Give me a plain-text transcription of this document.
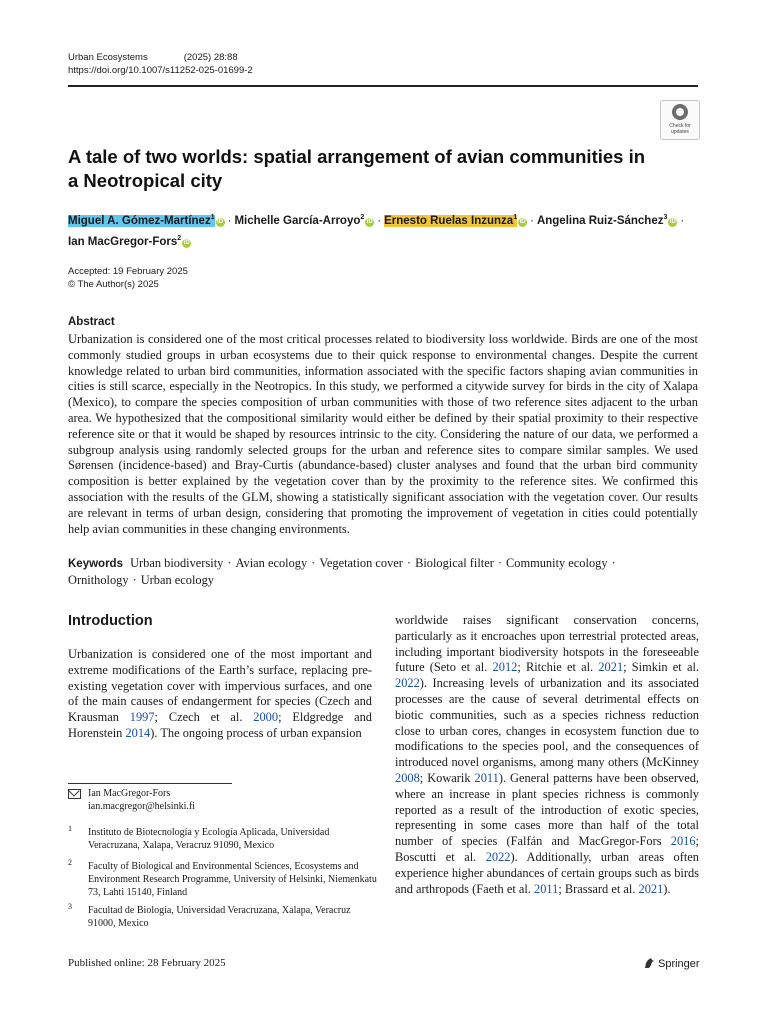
Urban Ecosystems	(2025) 28:88
https://doi.org/10.1007/s11252-025-01699-2
Check for
updates
A tale of two worlds: spatial arrangement of avian communities in a Neotropical city
Miguel A. Gómez-Martínez$^1$iD · Michelle García-Arroyo$^2$iD · Ernesto Ruelas Inzunza$^1$iD · Angelina Ruiz-Sánchez$^3$iD ·
Ian MacGregor-Fors$^2$iD
Accepted: 19 February 2025
© The Author(s) 2025
Abstract
Urbanization is considered one of the most critical processes related to biodiversity loss worldwide. Birds are one of the most commonly studied groups in urban ecosystems due to their quick response to environmental changes. Despite the current knowledge related to urban bird communities, information associated with the specific factors shaping avian communities in cities is still scarce, especially in the Neotropics. In this study, we performed a citywide survey for birds in the city of Xalapa (Mexico), to compare the species composition of urban communities with those of two reference sites adjacent to the urban area. We hypothesized that the compositional similarity would either be defined by their spatial proximity to their respective reference site or that it would be shaped by resources intrinsic to the city. Considering the nature of our data, we performed a subgroup analysis using randomly selected groups for the urban and reference sites to compare similar samples. We used Sørensen (incidence-based) and Bray-Curtis (abundance-based) cluster analyses and found that the urban bird community composition is better explained by the vegetation cover than by the proximity to the reference sites. We confirmed this association with the results of the GLM, showing a statistically significant association with the vegetation cover. Our results are relevant in terms of urban design, considering that promoting the improvement of vegetation in cities could potentially help avian communities in these changing environments.
Keywords Urban biodiversity · Avian ecology · Vegetation cover · Biological filter · Community ecology · Ornithology · Urban ecology
Introduction
Urbanization is considered one of the most important and extreme modifications of the Earth’s surface, replacing pre-existing vegetation cover with impervious surfaces, and one of the main causes of endangerment for species (Czech and Krausman 1997; Czech et al. 2000; Eldgredge and Horenstein 2014). The ongoing process of urban expansion
worldwide raises significant conservation concerns, particularly as it encroaches upon terrestrial protected areas, including important biodiversity hotspots in the foreseeable future (Seto et al. 2012; Ritchie et al. 2021; Simkin et al. 2022). Increasing levels of urbanization and its associated processes are the cause of several detrimental effects on biotic communities, such as a species richness reduction close to urban cores, changes in ecosystem function due to modifications to the species pool, and the consequences of introduced novel organisms, among many others (McKinney 2008; Kowarik 2011). General patterns have been observed, where an increase in plant species richness is commonly reported as a result of the introduction of exotic species, representing in some cases more than half of the total number of species (Falfán and MacGregor-Fors 2016; Boscutti et al. 2022). Additionally, urban areas often experience higher abundances of certain groups such as birds and arthropods (Faeth et al. 2011; Brassard et al. 2021).
Ian MacGregor-Fors
ian.macgregor@helsinki.fi
1 Instituto de Biotecnología y Ecología Aplicada, Universidad Veracruzana, Xalapa, Veracruz 91090, Mexico
2 Faculty of Biological and Environmental Sciences, Ecosystems and Environment Research Programme, University of Helsinki, Niemenkatu 73, Lahti 15140, Finland
3 Facultad de Biología, Universidad Veracruzana, Xalapa, Veracruz 91000, Mexico
Published online: 28 February 2025	Springer
